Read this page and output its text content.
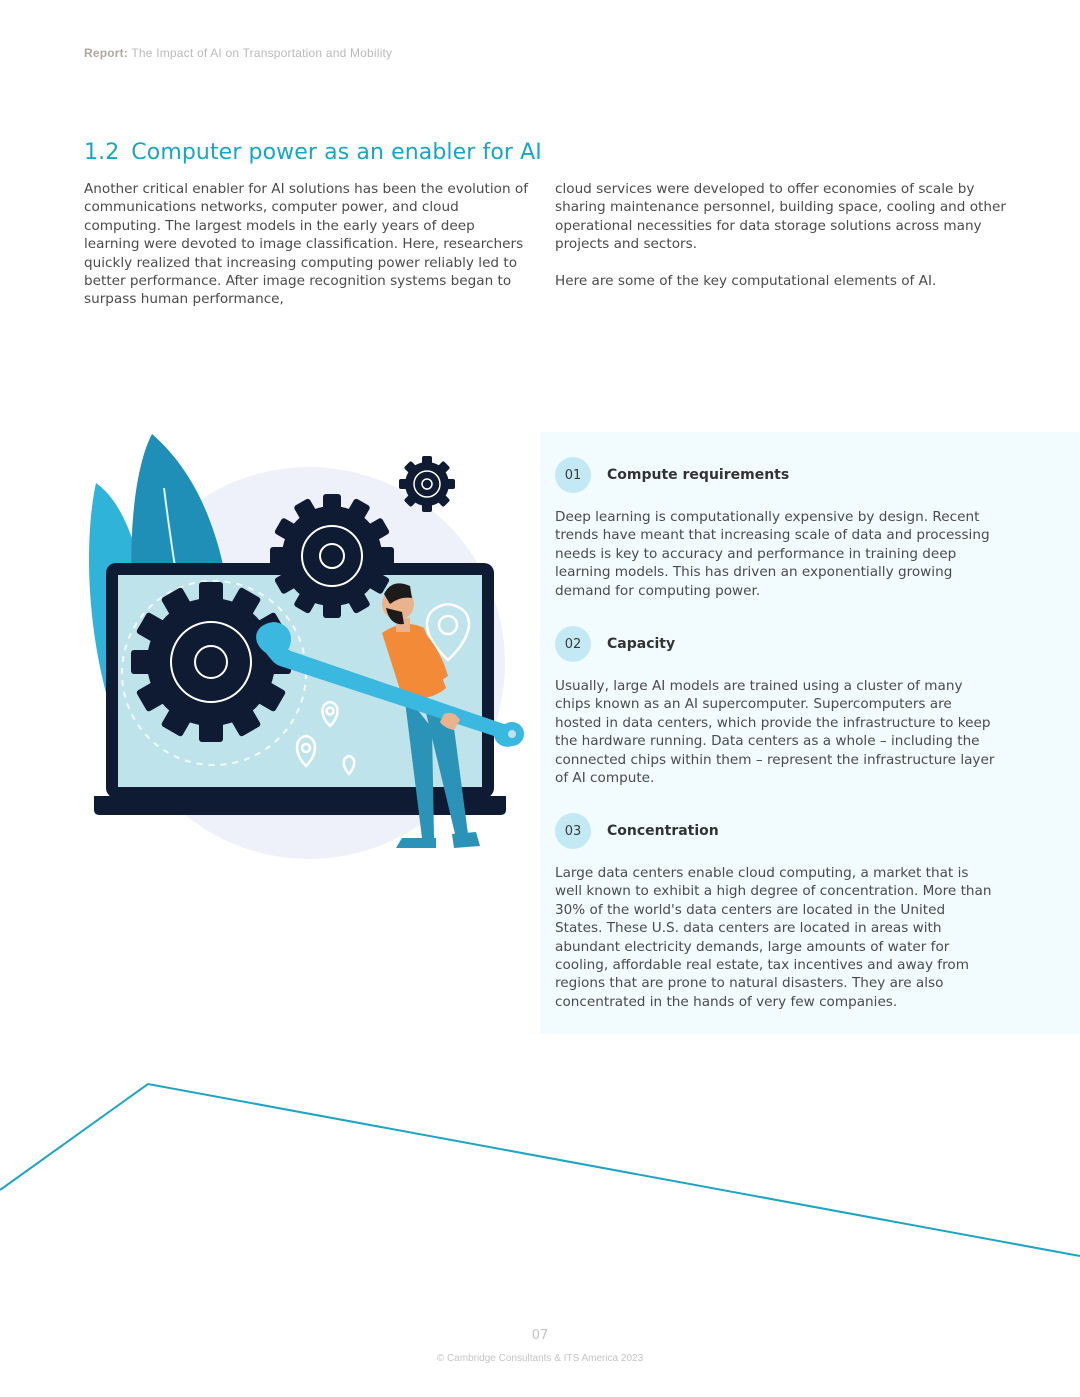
Report: The Impact of AI on Transportation and Mobility
1.2 Computer power as an enabler for AI

Another critical enabler for AI solutions has been the evolution of communications networks, computer power, and cloud computing. The largest models in the early years of deep learning were devoted to image classification. Here, researchers quickly realized that increasing computing power reliably led to better performance. After image recognition systems began to surpass human performance,

cloud services were developed to offer economies of scale by sharing maintenance personnel, building space, cooling and other operational necessities for data storage solutions across many projects and sectors.

Here are some of the key computational elements of AI.

01	Compute requirements
Deep learning is computationally expensive by design. Recent trends have meant that increasing scale of data and processing needs is key to accuracy and performance in training deep learning models. This has driven an exponentially growing demand for computing power.
02	Capacity
Usually, large AI models are trained using a cluster of many chips known as an AI supercomputer. Supercomputers are hosted in data centers, which provide the infrastructure to keep the hardware running. Data centers as a whole – including the connected chips within them – represent the infrastructure layer of AI compute.
03	Concentration
Large data centers enable cloud computing, a market that is well known to exhibit a high degree of concentration. More than 30% of the world's data centers are located in the United States. These U.S. data centers are located in areas with abundant electricity demands, large amounts of water for cooling, affordable real estate, tax incentives and away from regions that are prone to natural disasters. They are also concentrated in the hands of very few companies.
07
© Cambridge Consultants & ITS America 2023
